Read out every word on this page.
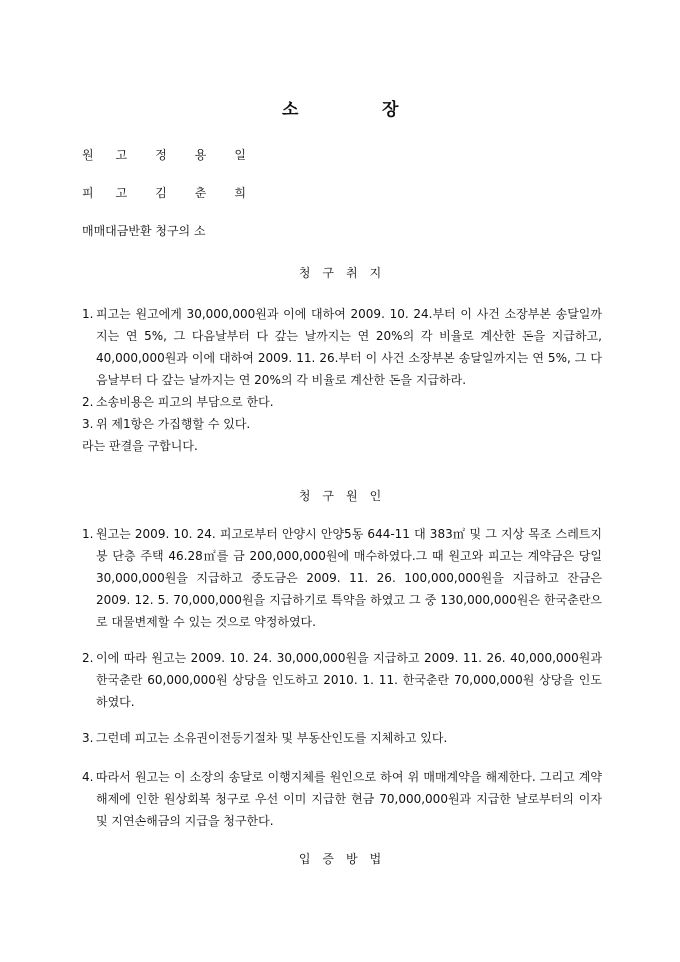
소	장
원 고 정 용 일
피 고 김 춘 희
매매대금반환 청구의 소
청 구 취 지
1. 피고는 원고에게 30,000,000원과 이에 대하여 2009. 10. 24.부터 이 사건 소장부본 송달일까지는 연 5%, 그 다음날부터 다 갚는 날까지는 연 20%의 각 비율로 계산한 돈을 지급하고, 40,000,000원과 이에 대하여 2009. 11. 26.부터 이 사건 소장부본 송달일까지는 연 5%, 그 다음날부터 다 갚는 날까지는 연 20%의 각 비율로 계산한 돈을 지급하라.
2. 소송비용은 피고의 부담으로 한다.
3. 위 제1항은 가집행할 수 있다.
라는 판결을 구합니다.
청 구 원 인
1. 원고는 2009. 10. 24. 피고로부터 안양시 안양5동 644-11 대 383㎡ 및 그 지상 목조 스레트지붕 단층 주택 46.28㎡를 금 200,000,000원에 매수하였다.그 때 원고와 피고는 계약금은 당일 30,000,000원을 지급하고 중도금은 2009. 11. 26. 100,000,000원을 지급하고 잔금은 2009. 12. 5. 70,000,000원을 지급하기로 특약을 하였고 그 중 130,000,000원은 한국춘란으로 대물변제할 수 있는 것으로 약정하였다.
2. 이에 따라 원고는 2009. 10. 24. 30,000,000원을 지급하고 2009. 11. 26. 40,000,000원과 한국춘란 60,000,000원 상당을 인도하고 2010. 1. 11. 한국춘란 70,000,000원 상당을 인도하였다.
3. 그런데 피고는 소유권이전등기절차 및 부동산인도를 지체하고 있다.
4. 따라서 원고는 이 소장의 송달로 이행지체를 원인으로 하여 위 매매계약을 해제한다. 그리고 계약해제에 인한 원상회복 청구로 우선 이미 지급한 현금 70,000,000원과 지급한 날로부터의 이자 및 지연손해금의 지급을 청구한다.
입 증 방 법
